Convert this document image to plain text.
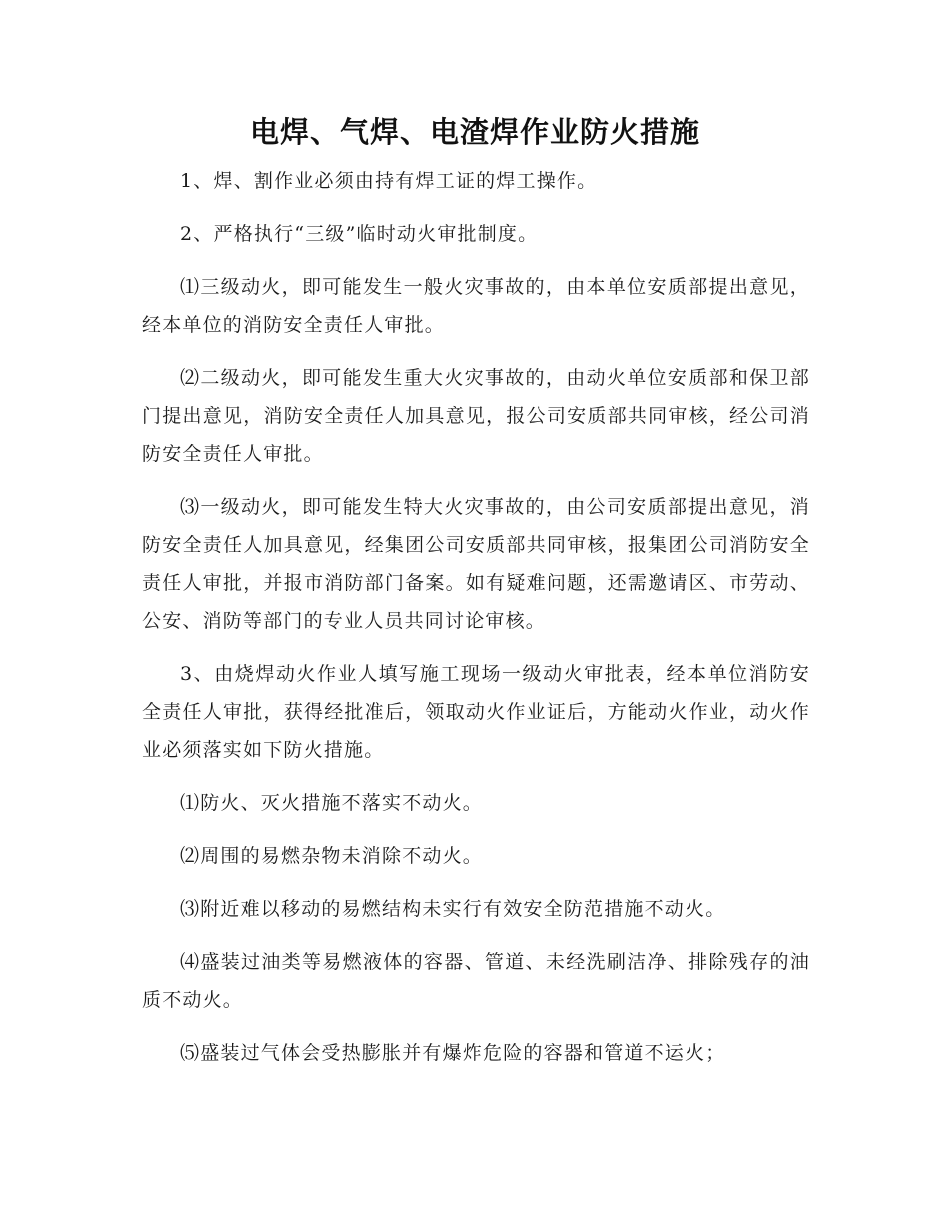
电焊、气焊、电渣焊作业防火措施

1、焊、割作业必须由持有焊工证的焊工操作。

2、严格执行“三级”临时动火审批制度。

⑴三级动火，即可能发生一般火灾事故的，由本单位安质部提出意见，经本单位的消防安全责任人审批。

⑵二级动火，即可能发生重大火灾事故的，由动火单位安质部和保卫部门提出意见，消防安全责任人加具意见，报公司安质部共同审核，经公司消防安全责任人审批。

⑶一级动火，即可能发生特大火灾事故的，由公司安质部提出意见，消防安全责任人加具意见，经集团公司安质部共同审核，报集团公司消防安全责任人审批，并报市消防部门备案。如有疑难问题，还需邀请区、市劳动、公安、消防等部门的专业人员共同讨论审核。

3、由烧焊动火作业人填写施工现场一级动火审批表，经本单位消防安全责任人审批，获得经批准后，领取动火作业证后，方能动火作业，动火作业必须落实如下防火措施。

⑴防火、灭火措施不落实不动火。

⑵周围的易燃杂物未消除不动火。

⑶附近难以移动的易燃结构未实行有效安全防范措施不动火。

⑷盛装过油类等易燃液体的容器、管道、未经洗刷洁净、排除残存的油质不动火。

⑸盛装过气体会受热膨胀并有爆炸危险的容器和管道不运火；
